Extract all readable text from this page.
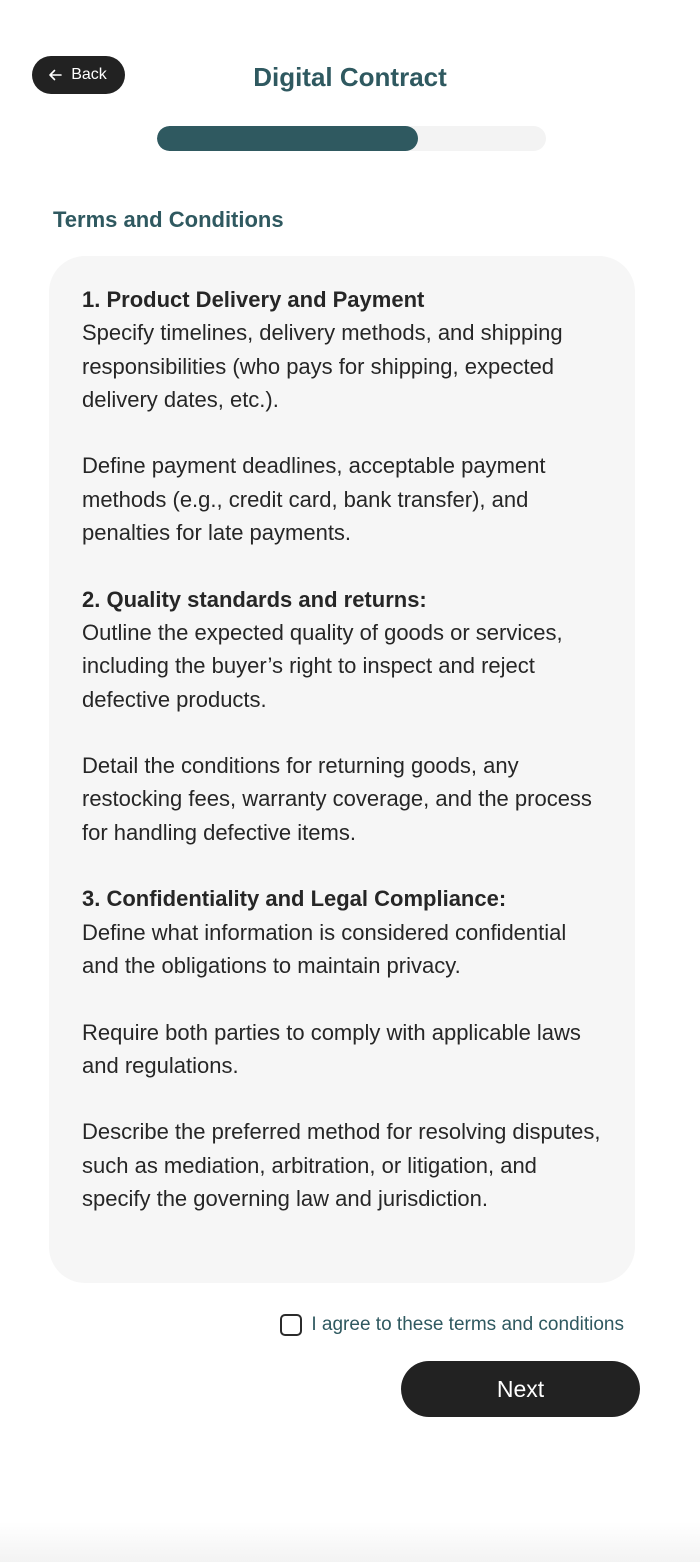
Back	Digital Contract
Terms and Conditions

1. Product Delivery and Payment
Specify timelines, delivery methods, and shipping responsibilities (who pays for shipping, expected delivery dates, etc.).

Define payment deadlines, acceptable payment methods (e.g., credit card, bank transfer), and penalties for late payments.

2. Quality standards and returns:
Outline the expected quality of goods or services, including the buyer’s right to inspect and reject defective products.

Detail the conditions for returning goods, any restocking fees, warranty coverage, and the process for handling defective items.

3. Confidentiality and Legal Compliance:
Define what information is considered confidential and the obligations to maintain privacy.

Require both parties to comply with applicable laws and regulations.

Describe the preferred method for resolving disputes, such as mediation, arbitration, or litigation, and specify the governing law and jurisdiction.

I agree to these terms and conditions
Next
